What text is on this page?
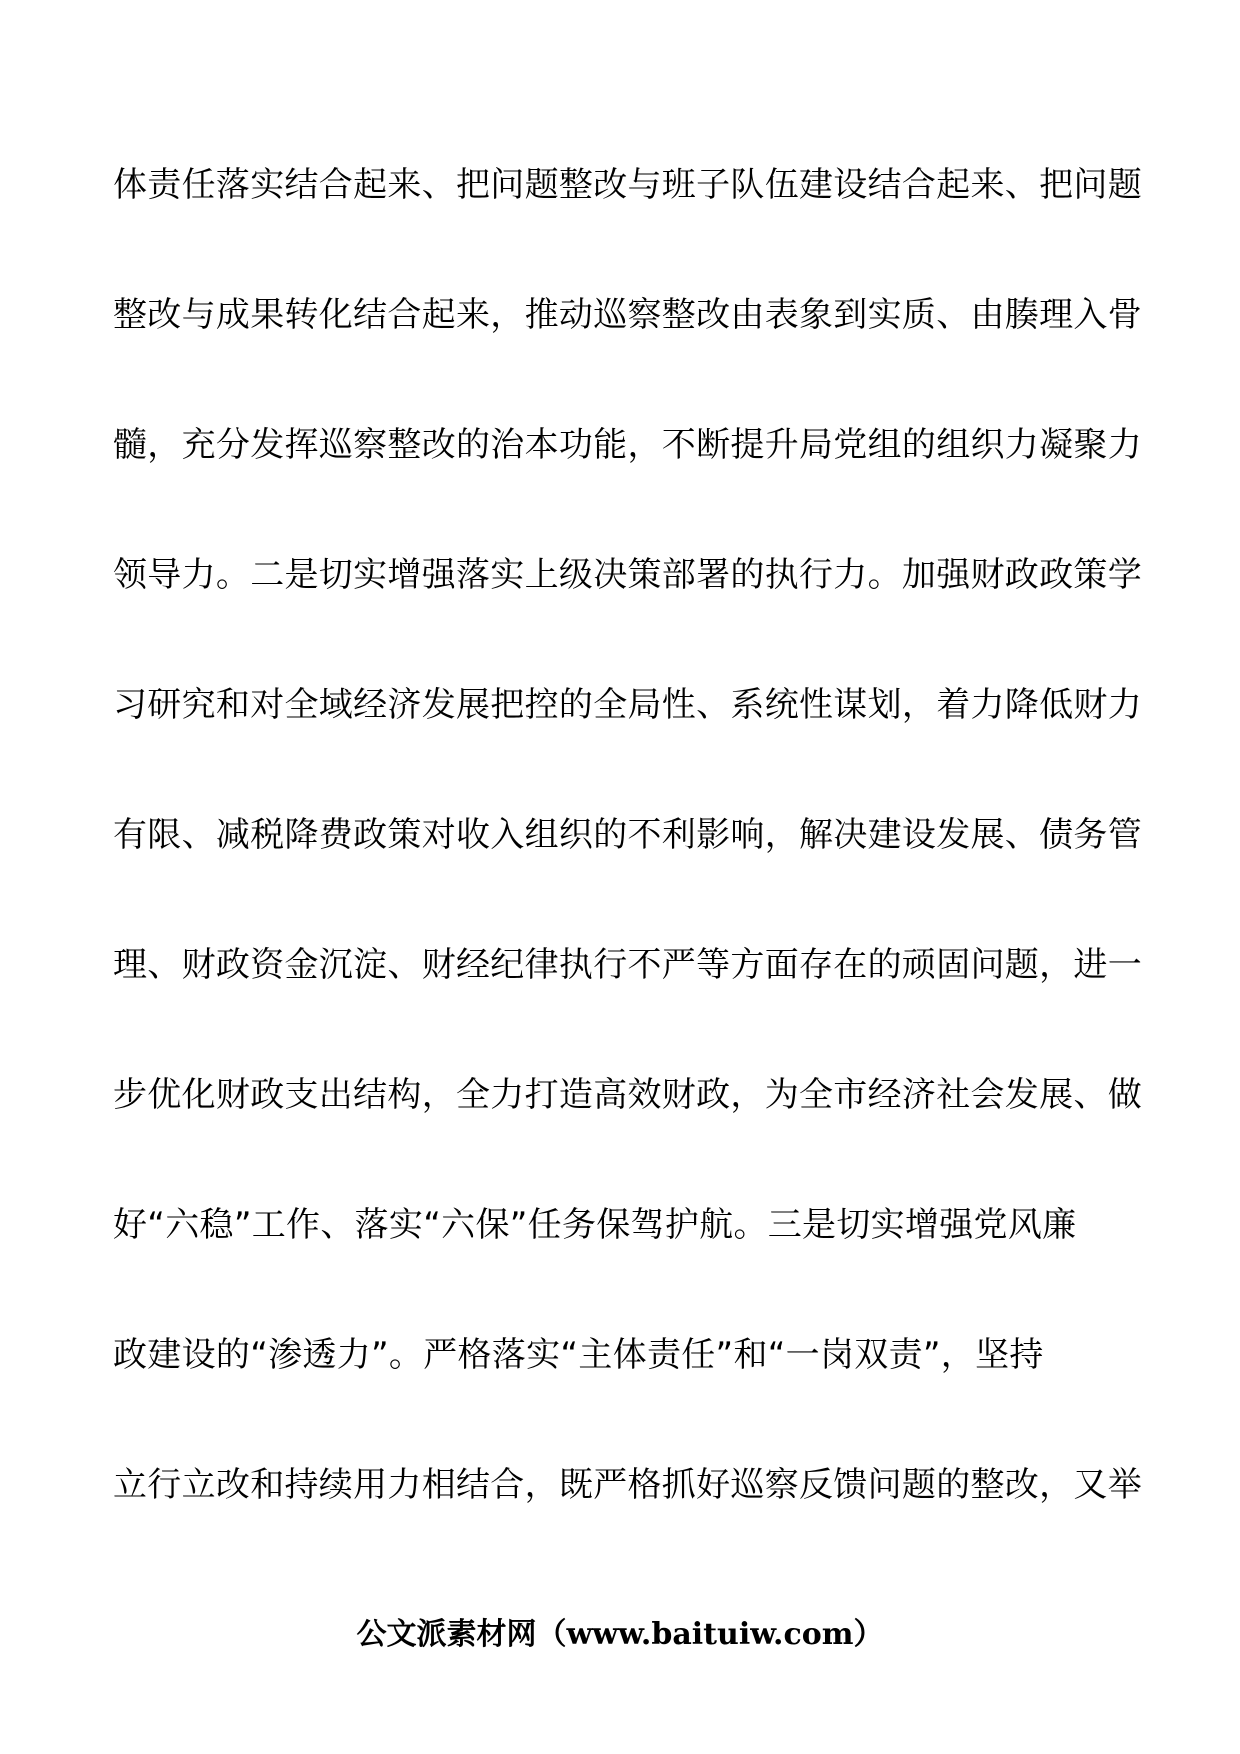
体责任落实结合起来、把问题整改与班子队伍建设结合起来、把问题
整改与成果转化结合起来，推动巡察整改由表象到实质、由腠理入骨
髓，充分发挥巡察整改的治本功能，不断提升局党组的组织力凝聚力
领导力。二是切实增强落实上级决策部署的执行力。加强财政政策学
习研究和对全域经济发展把控的全局性、系统性谋划，着力降低财力
有限、减税降费政策对收入组织的不利影响，解决建设发展、债务管
理、财政资金沉淀、财经纪律执行不严等方面存在的顽固问题，进一
步优化财政支出结构，全力打造高效财政，为全市经济社会发展、做
好“六稳”工作、落实“六保”任务保驾护航。三是切实增强党风廉
政建设的“渗透力”。严格落实“主体责任”和“一岗双责”，坚持
立行立改和持续用力相结合，既严格抓好巡察反馈问题的整改，又举
公文派素材网（www.baituiw.com）
